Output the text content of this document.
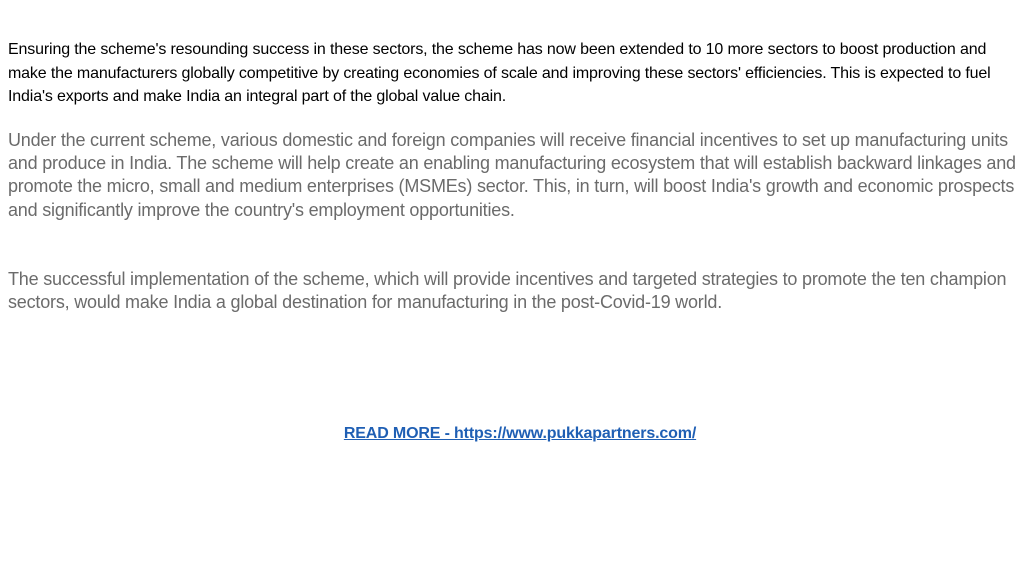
Ensuring the scheme's resounding success in these sectors, the scheme has now been extended to 10 more sectors to boost production and make the manufacturers globally competitive by creating economies of scale and improving these sectors' efficiencies. This is expected to fuel India's exports and make India an integral part of the global value chain.

Under the current scheme, various domestic and foreign companies will receive financial incentives to set up manufacturing units and produce in India. The scheme will help create an enabling manufacturing ecosystem that will establish backward linkages and promote the micro, small and medium enterprises (MSMEs) sector. This, in turn, will boost India's growth and economic prospects and significantly improve the country's employment opportunities.

The successful implementation of the scheme, which will provide incentives and targeted strategies to promote the ten champion sectors, would make India a global destination for manufacturing in the post-Covid-19 world.

READ MORE - https://www.pukkapartners.com/
